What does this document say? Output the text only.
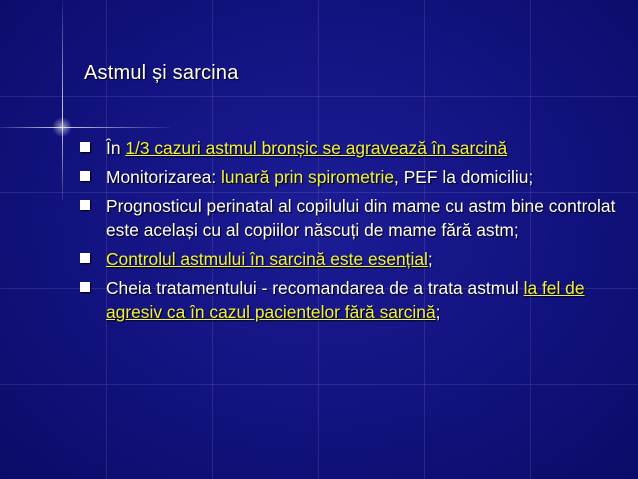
Astmul și sarcina
În 1/3 cazuri astmul bronșic se agravează în sarcină
Monitorizarea: lunară prin spirometrie, PEF la domiciliu;
Prognosticul perinatal al copilului din mame cu astm bine controlat este același cu al copiilor născuți de mame fără astm;
Controlul astmului în sarcină este esențial;
Cheia tratamentului - recomandarea de a trata astmul la fel de agresiv ca în cazul pacientelor fără sarcină;
